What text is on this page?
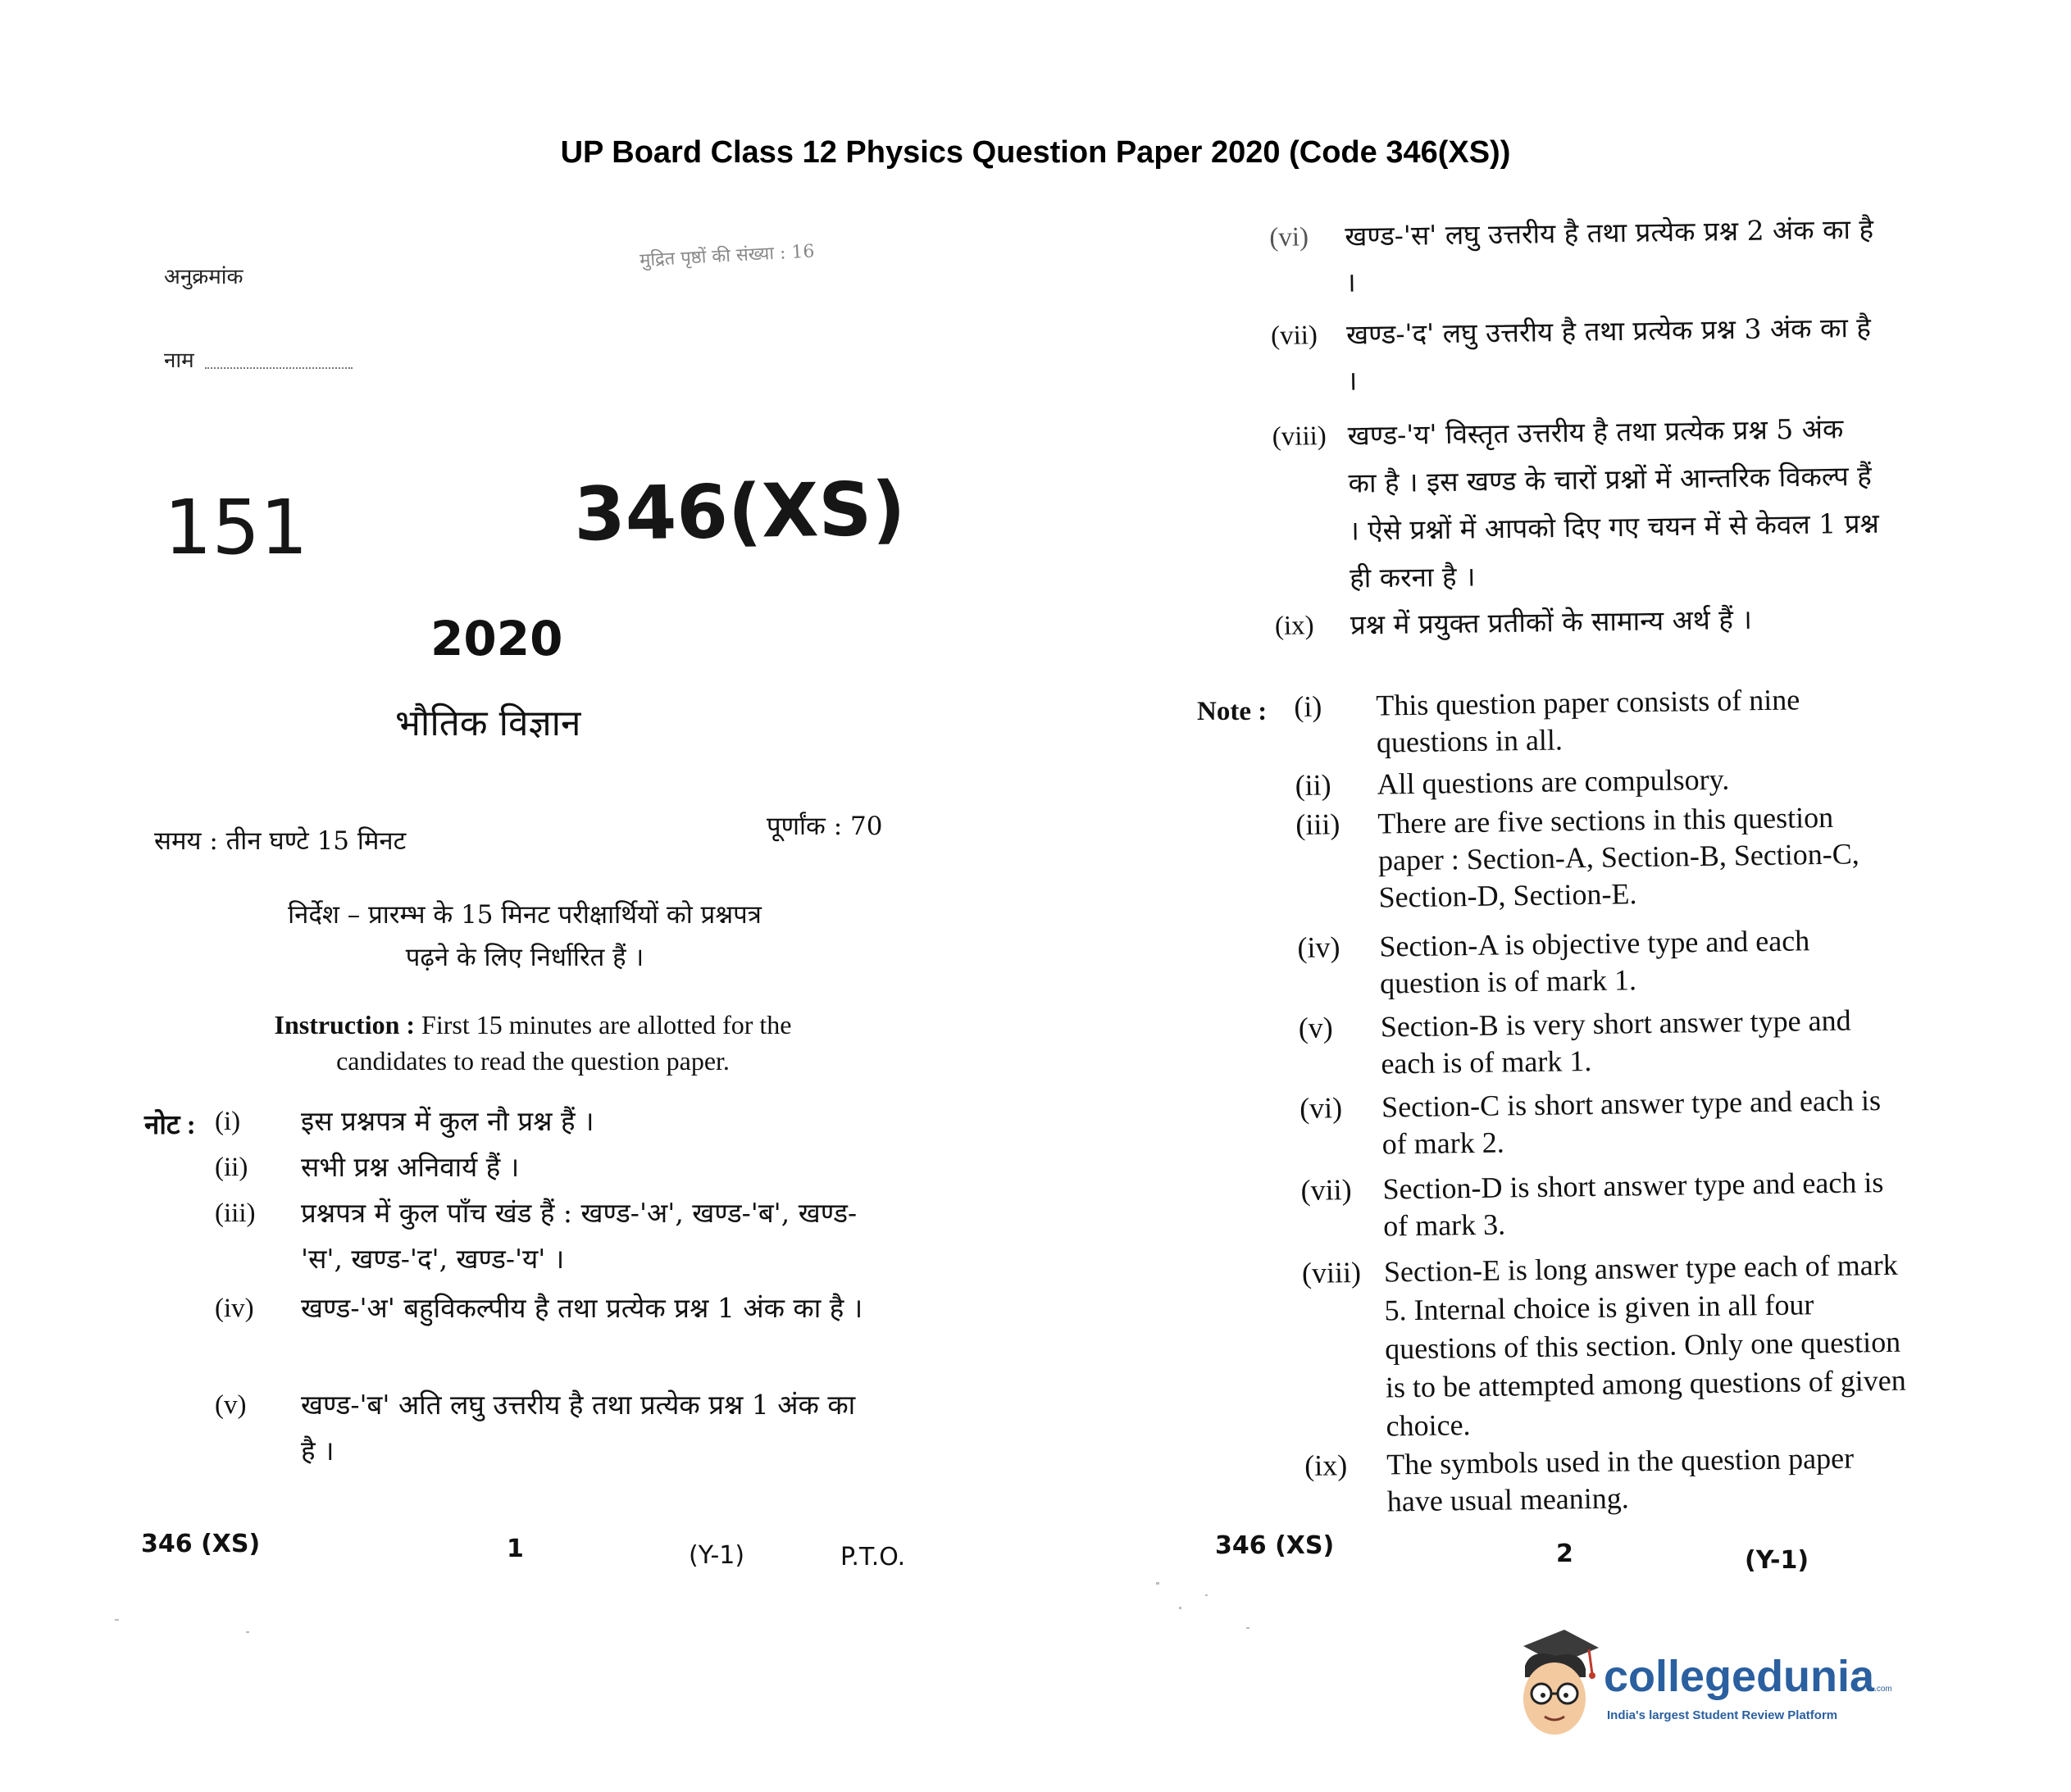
UP Board Class 12 Physics Question Paper 2020 (Code 346(XS))
अनुक्रमांक
मुद्रित पृष्ठों की संख्या : 16
नाम
151	346(XS)
2020
भौतिक विज्ञान
समय : तीन घण्टे 15 मिनट	पूर्णांक : 70
निर्देश – प्रारम्भ के 15 मिनट परीक्षार्थियों को प्रश्नपत्र
पढ़ने के लिए निर्धारित हैं ।
Instruction : First 15 minutes are allotted for the
candidates to read the question paper.
नोट : (i)	इस प्रश्नपत्र में कुल नौ प्रश्न हैं ।
(ii)	सभी प्रश्न अनिवार्य हैं ।
(iii)	प्रश्नपत्र में कुल पाँच खंड हैं : खण्ड-'अ', खण्ड-'ब', खण्ड-'स', खण्ड-'द', खण्ड-'य' ।
(iv)	खण्ड-'अ' बहुविकल्पीय है तथा प्रत्येक प्रश्न 1 अंक का है ।
(v)	खण्ड-'ब' अति लघु उत्तरीय है तथा प्रत्येक प्रश्न 1 अंक का है ।
346 (XS)	1	(Y-1)	P.T.O.
(vi)	खण्ड-'स' लघु उत्तरीय है तथा प्रत्येक प्रश्न 2 अंक का है ।
(vii)	खण्ड-'द' लघु उत्तरीय है तथा प्रत्येक प्रश्न 3 अंक का है ।
(viii) खण्ड-'य' विस्तृत उत्तरीय है तथा प्रत्येक प्रश्न 5 अंक का है । इस खण्ड के चारों प्रश्नों में आन्तरिक विकल्प हैं । ऐसे प्रश्नों में आपको दिए गए चयन में से केवल 1 प्रश्न ही करना है ।
(ix)	प्रश्न में प्रयुक्त प्रतीकों के सामान्य अर्थ हैं ।
Note : (i)	This question paper consists of nine questions in all.
(ii)	All questions are compulsory.
(iii)	There are five sections in this question paper : Section-A, Section-B, Section-C, Section-D, Section-E.
(iv)	Section-A is objective type and each question is of mark 1.
(v)	Section-B is very short answer type and each is of mark 1.
(vi)	Section-C is short answer type and each is of mark 2.
(vii)	Section-D is short answer type and each is of mark 3.
(viii) Section-E is long answer type each of mark 5. Internal choice is given in all four questions of this section. Only one question is to be attempted among questions of given choice.
(ix)	The symbols used in the question paper have usual meaning.
346 (XS)	2	(Y-1)
collegedunia.com
India's largest Student Review Platform
